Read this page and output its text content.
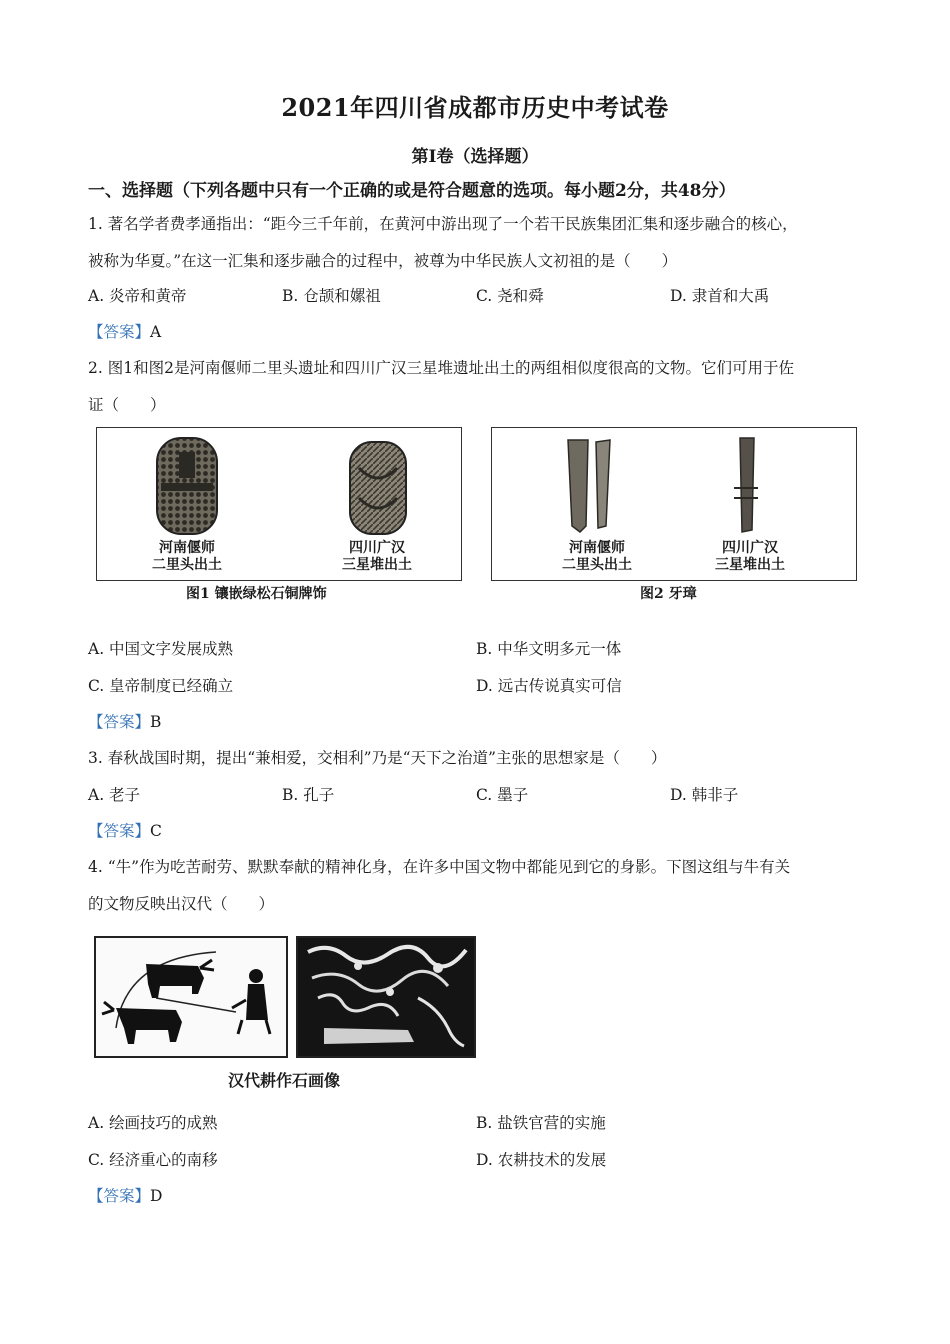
2021年四川省成都市历史中考试卷
第Ⅰ卷（选择题）
一、选择题（下列各题中只有一个正确的或是符合题意的选项。每小题2分，共48分）
1. 著名学者费孝通指出：“距今三千年前，在黄河中游出现了一个若干民族集团汇集和逐步融合的核心，
被称为华夏。”在这一汇集和逐步融合的过程中，被尊为中华民族人文初祖的是（　　）
A. 炎帝和黄帝	B. 仓颉和嫘祖	C. 尧和舜	D. 隶首和大禹
【答案】A
2. 图1和图2是河南偃师二里头遗址和四川广汉三星堆遗址出土的两组相似度很高的文物。它们可用于佐
证（　　）
河南偃师
二里头出土
四川广汉
三星堆出土
图1 镶嵌绿松石铜牌饰
河南偃师
二里头出土
四川广汉
三星堆出土
图2 牙璋
A. 中国文字发展成熟	B. 中华文明多元一体
C. 皇帝制度已经确立	D. 远古传说真实可信
【答案】B
3. 春秋战国时期，提出“兼相爱，交相利”乃是“天下之治道”主张的思想家是（　　）
A. 老子	B. 孔子	C. 墨子	D. 韩非子
【答案】C
4. “牛”作为吃苦耐劳、默默奉献的精神化身，在许多中国文物中都能见到它的身影。下图这组与牛有关
的文物反映出汉代（　　）
汉代耕作石画像
A. 绘画技巧的成熟	B. 盐铁官营的实施
C. 经济重心的南移	D. 农耕技术的发展
【答案】D
